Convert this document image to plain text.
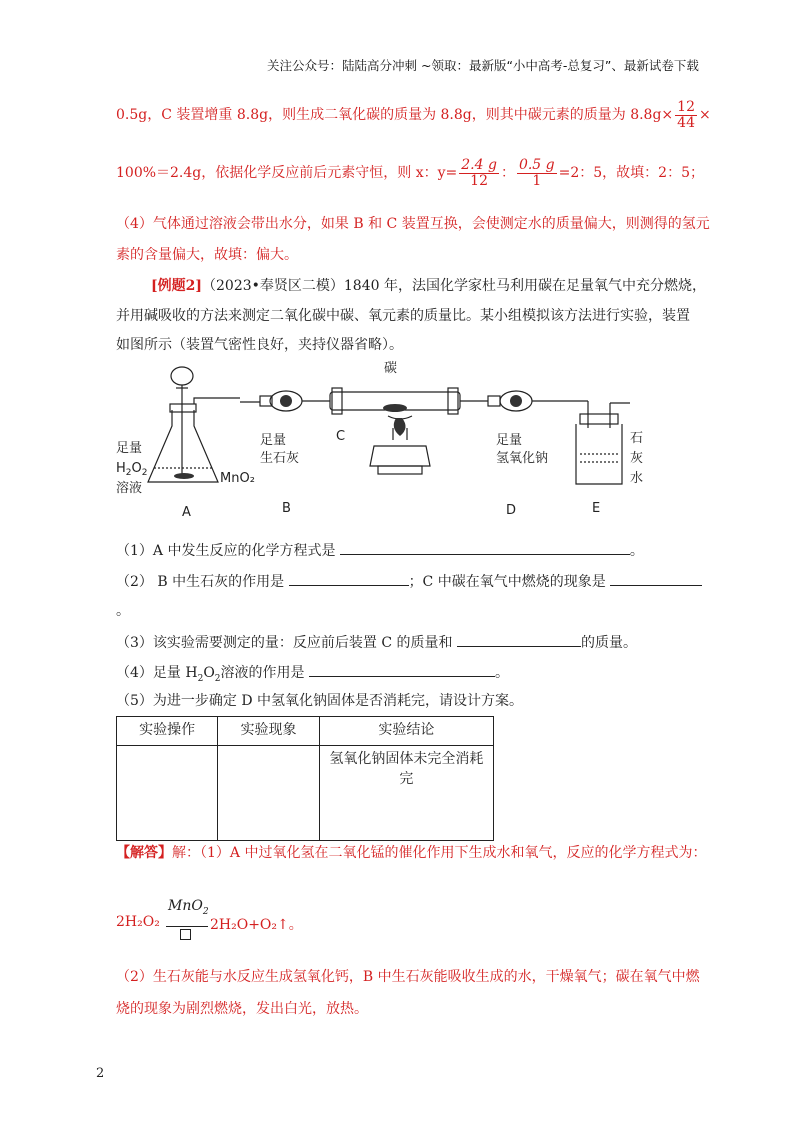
关注公众号：陆陆高分冲刺 ~领取：最新版“小中高考-总复习”、最新试卷下载
0.5g，C 装置增重 8.8g，则生成二氧化碳的质量为 8.8g，则其中碳元素的质量为 $8.8g\times \frac{12}{44}$ ×
100%＝2.4g，依据化学反应前后元素守恒，则 x：$y= \frac{2.4 g}{12}$ ： $\frac{0.5 g}{1} =2$：5，故填：2：5；
（4）气体通过溶液会带出水分，如果 B 和 C 装置互换，会使测定水的质量偏大，则测得的氢元
素的含量偏大，故填：偏大。
[例题2]（2023•奉贤区二模）1840 年，法国化学家杜马利用碳在足量氧气中充分燃烧，
并用碱吸收的方法来测定二氧化碳中碳、氧元素的质量比。某小组模拟该方法进行实验，装置
如图所示（装置气密性良好，夹持仪器省略）。
碳
足量
$H_2O_2$
溶液
MnO₂
足量
生石灰
C	足量
氢氧化钠
石
灰
水
A	B	D	E
（1）A 中发生反应的化学方程式是	。
（2） B 中生石灰的作用是	；C 中碳在氧气中燃烧的现象是
。
（3）该实验需要测定的量：反应前后装置 C 的质量和	的质量。
（4）足量 $H_2O_2$溶液的作用是	。
（5）为进一步确定 D 中氢氧化钠固体是否消耗完，请设计方案。
实验操作	实验现象	实验结论
		氢氧化钠固体未完全消耗完
【解答】解：（1）A 中过氧化氢在二氧化锰的催化作用下生成水和氧气，反应的化学方程式为：
2H₂O₂
MnO$_2$
2H₂O+O₂↑。
（2）生石灰能与水反应生成氢氧化钙，B 中生石灰能吸收生成的水，干燥氧气；碳在氧气中燃
烧的现象为剧烈燃烧，发出白光，放热。
2
